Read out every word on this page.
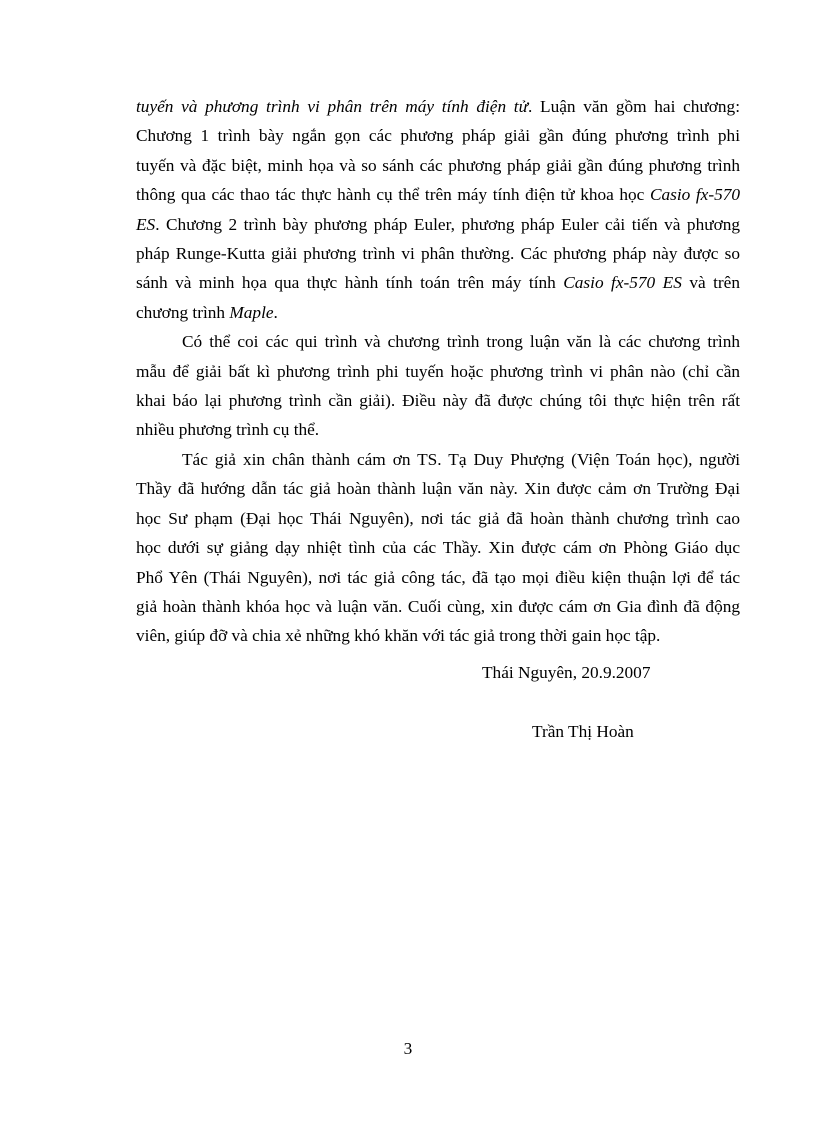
tuyến và phương trình vi phân trên máy tính điện tử. Luận văn gồm hai chương:
Chương 1 trình bày ngắn gọn các phương pháp giải gần đúng phương trình phi
tuyến và đặc biệt, minh họa và so sánh các phương pháp giải gần đúng phương trình
thông qua các thao tác thực hành cụ thể trên máy tính điện tử khoa học Casio fx-570
ES. Chương 2 trình bày phương pháp Euler, phương pháp Euler cải tiến và phương
pháp Runge-Kutta giải phương trình vi phân thường. Các phương pháp này được so
sánh và minh họa qua thực hành tính toán trên máy tính Casio fx-570 ES và trên
chương trình Maple.
Có thể coi các qui trình và chương trình trong luận văn là các chương trình
mẫu để giải bất kì phương trình phi tuyến hoặc phương trình vi phân nào (chỉ cần
khai báo lại phương trình cần giải). Điều này đã được chúng tôi thực hiện trên rất
nhiều phương trình cụ thể.
Tác giả xin chân thành cám ơn TS. Tạ Duy Phượng (Viện Toán học), người
Thầy đã hướng dẫn tác giả hoàn thành luận văn này. Xin được cảm ơn Trường Đại
học Sư phạm (Đại học Thái Nguyên), nơi tác giả đã hoàn thành chương trình cao
học dưới sự giảng dạy nhiệt tình của các Thầy. Xin được cám ơn Phòng Giáo dục
Phổ Yên (Thái Nguyên), nơi tác giả công tác, đã tạo mọi điều kiện thuận lợi để tác
giả hoàn thành khóa học và luận văn. Cuối cùng, xin được cám ơn Gia đình đã động
viên, giúp đỡ và chia xẻ những khó khăn với tác giả trong thời gain học tập.
Thái Nguyên, 20.9.2007
Trần Thị Hoàn
3
